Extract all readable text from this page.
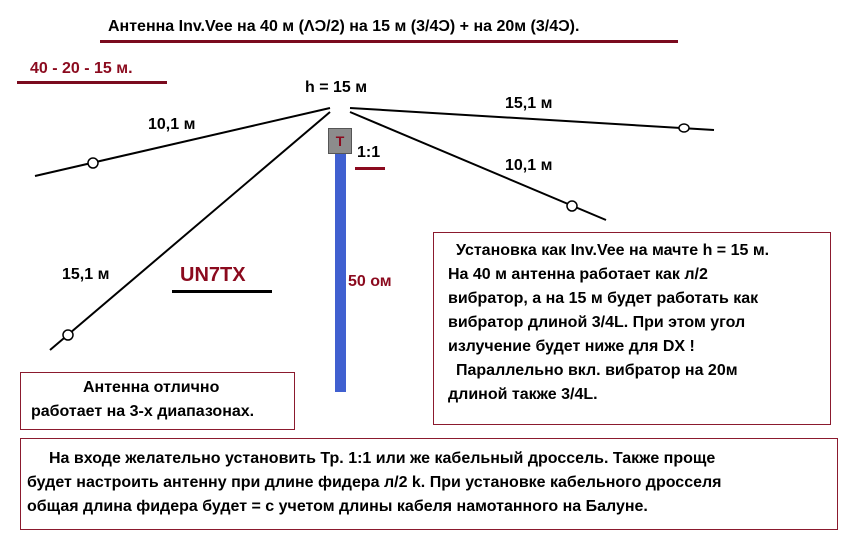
Антенна Inv.Vee на 40 м (ɅƆ/2) на 15 м (3/4Ɔ) + на 20м (3/4Ɔ).
40 - 20 - 15 м.
h = 15 м
10,1 м
15,1 м
15,1 м
10,1 м
T
1:1
50 ом
UN7TX
Установка как Inv.Vee на мачте h = 15 м.
На 40 м антенна работает как л/2
вибратор, а на 15 м будет работать как
вибратор длиной 3/4L. При этом угол
излучение будет ниже для DX !
Параллельно вкл. вибратор на 20м
длиной также 3/4L.
Антенна отлично
работает на 3-х диапазонах.
На входе желательно установить Тр. 1:1 или же кабельный дроссель. Также проще
будет настроить антенну при длине фидера л/2 k. При установке кабельного дросселя
общая длина фидера будет = с учетом длины кабеля намотанного на Балуне.
